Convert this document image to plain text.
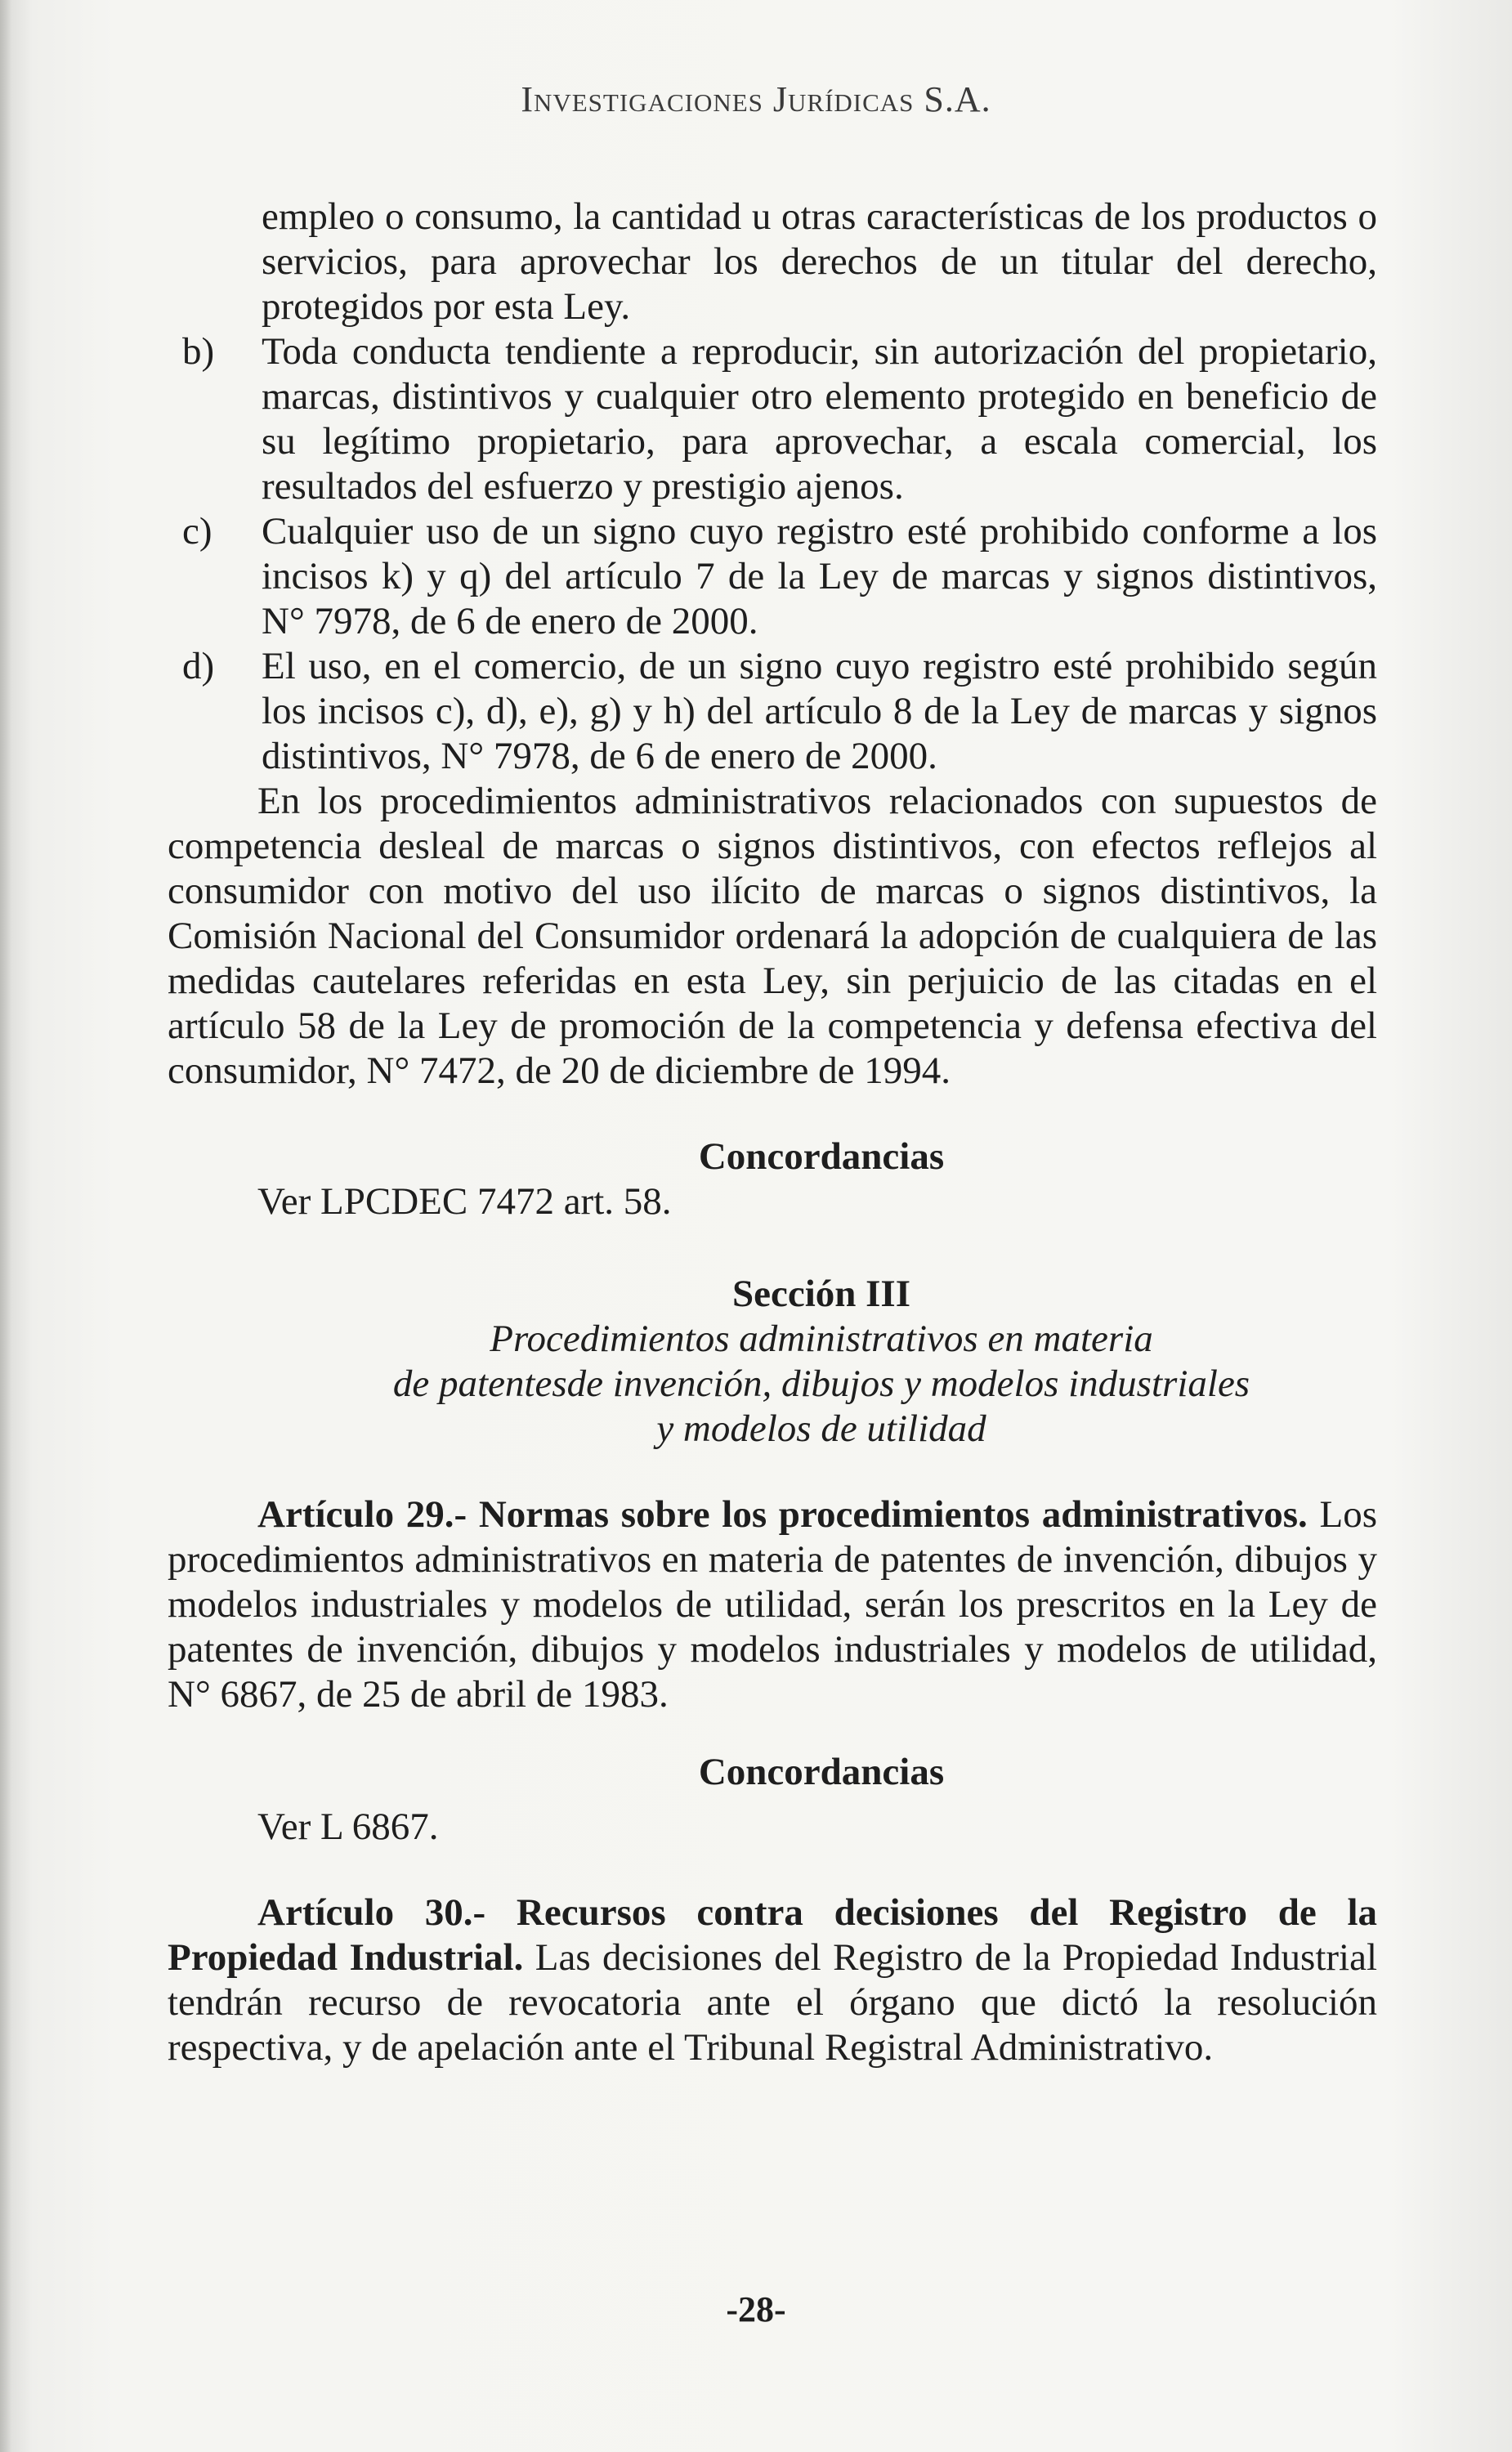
Investigaciones Jurídicas S.A.

empleo o consumo, la cantidad u otras características de los productos o servicios, para aprovechar los derechos de un titular del derecho, protegidos por esta Ley.

b)	Toda conducta tendiente a reproducir, sin autorización del propietario, marcas, distintivos y cualquier otro elemento protegido en beneficio de su legítimo propietario, para aprovechar, a escala comercial, los resultados del esfuerzo y prestigio ajenos.
c)	Cualquier uso de un signo cuyo registro esté prohibido conforme a los incisos k) y q) del artículo 7 de la Ley de marcas y signos distintivos, N° 7978, de 6 de enero de 2000.
d)	El uso, en el comercio, de un signo cuyo registro esté prohibido según los incisos c), d), e), g) y h) del artículo 8 de la Ley de marcas y signos distintivos, N° 7978, de 6 de enero de 2000.

En los procedimientos administrativos relacionados con supuestos de competencia desleal de marcas o signos distintivos, con efectos reflejos al consumidor con motivo del uso ilícito de marcas o signos distintivos, la Comisión Nacional del Consumidor ordenará la adopción de cualquiera de las medidas cautelares referidas en esta Ley, sin perjuicio de las citadas en el artículo 58 de la Ley de promoción de la competencia y defensa efectiva del consumidor, N° 7472, de 20 de diciembre de 1994.

Concordancias
Ver LPCDEC 7472 art. 58.
Sección III
Procedimientos administrativos en materia
de patentesde invención, dibujos y modelos industriales
y modelos de utilidad

Artículo 29.- Normas sobre los procedimientos administrativos. Los procedimientos administrativos en materia de patentes de invención, dibujos y modelos industriales y modelos de utilidad, serán los prescritos en la Ley de patentes de invención, dibujos y modelos industriales y modelos de utilidad, N° 6867, de 25 de abril de 1983.

Concordancias
Ver L 6867.

Artículo 30.- Recursos contra decisiones del Registro de la Propiedad Industrial. Las decisiones del Registro de la Propiedad Industrial tendrán recurso de revocatoria ante el órgano que dictó la resolución respectiva, y de apelación ante el Tribunal Registral Administrativo.

-28-
